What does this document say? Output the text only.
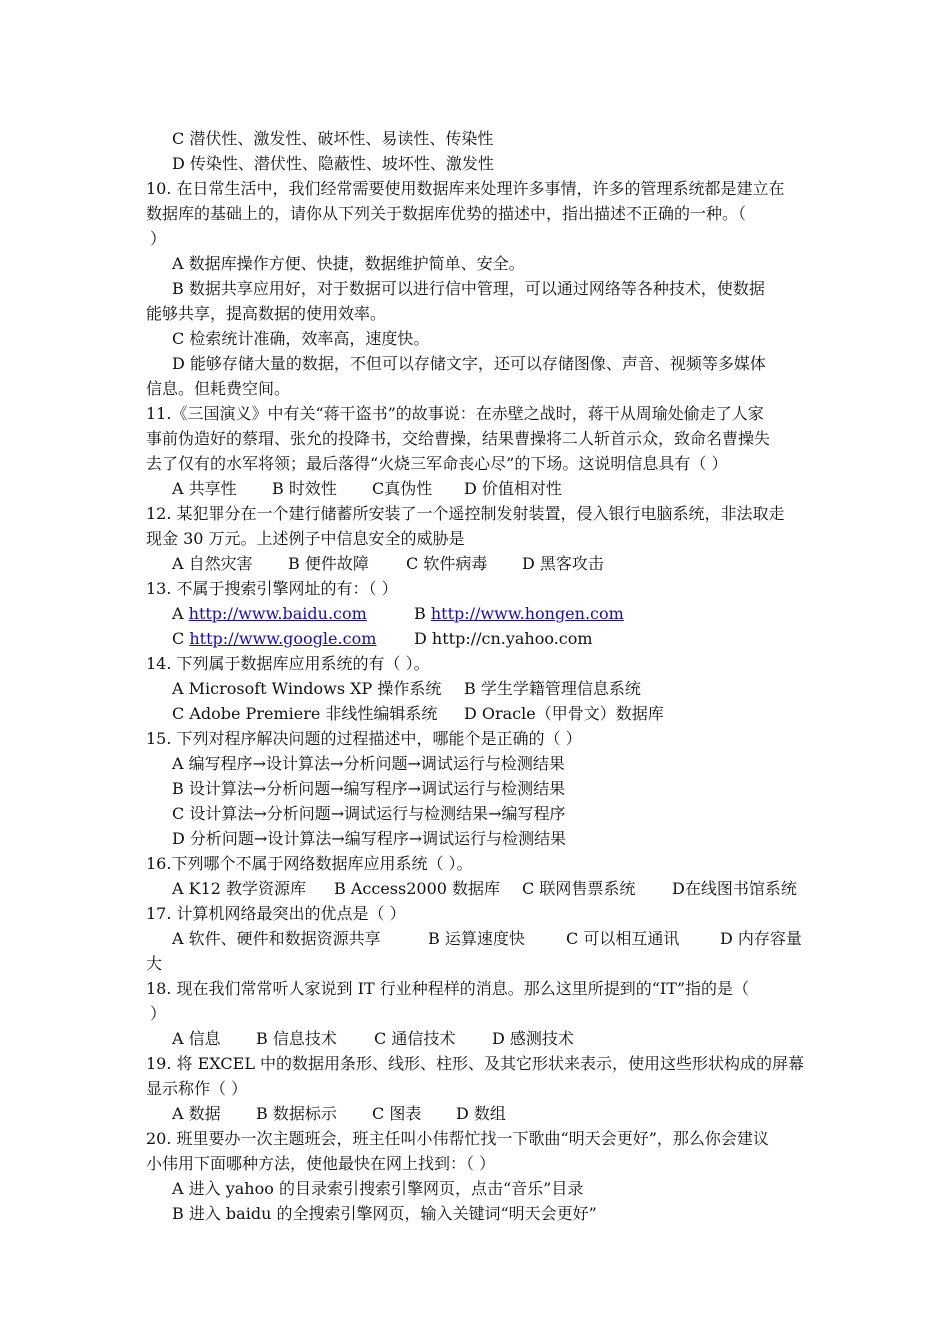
C 潜伏性、激发性、破坏性、易读性、传染性
D 传染性、潜伏性、隐蔽性、坡坏性、激发性
10. 在日常生活中，我们经常需要使用数据库来处理许多事情，许多的管理系统都是建立在
数据库的基础上的，请你从下列关于数据库优势的描述中，指出描述不正确的一种。（
）
A 数据库操作方便、快捷，数据维护简单、安全。
B 数据共享应用好，对于数据可以进行信中管理，可以通过网络等各种技术，使数据
能够共享，提高数据的使用效率。
C 检索统计准确，效率高，速度快。
D 能够存储大量的数据，不但可以存储文字，还可以存储图像、声音、视频等多媒体
信息。但耗费空间。
11.《三国演义》中有关“蒋干盗书”的故事说：在赤壁之战时，蒋干从周瑜处偷走了人家
事前伪造好的蔡瑁、张允的投降书，交给曹操，结果曹操将二人斩首示众，致命名曹操失
去了仅有的水军将领；最后落得“火烧三军命丧心尽”的下场。这说明信息具有（ ）
A 共享性 B 时效性 C真伪性 D 价值相对性
12. 某犯罪分在一个建行储蓄所安装了一个遥控制发射装置，侵入银行电脑系统，非法取走
现金 30 万元。上述例子中信息安全的威胁是
A 自然灾害 B 便件故障 C 软件病毒 D 黑客攻击
13. 不属于搜索引擎网址的有：（ ）
A http://www.baidu.com	B http://www.hongen.com
C http://www.google.com D http://cn.yahoo.com
14. 下列属于数据库应用系统的有（ ）。
A Microsoft Windows XP 操作系统 B 学生学籍管理信息系统
C Adobe Premiere 非线性编辑系统 D Oracle（甲骨文）数据库
15. 下列对程序解决问题的过程描述中，哪能个是正确的（ ）
A 编写程序→设计算法→分析问题→调试运行与检测结果
B 设计算法→分析问题→编写程序→调试运行与检测结果
C 设计算法→分析问题→调试运行与检测结果→编写程序
D 分析问题→设计算法→编写程序→调试运行与检测结果
16.下列哪个不属于网络数据库应用系统（ ）。
A K12 教学资源库 B Access2000 数据库 C 联网售票系统 D在线图书馆系统
17. 计算机网络最突出的优点是（ ）
A 软件、硬件和数据资源共享	B 运算速度快	C 可以相互通讯	D 内存容量
大
18. 现在我们常常听人家说到 IT 行业种程样的消息。那么这里所提到的“IT”指的是（
）
A 信息 B 信息技术 C 通信技术 D 感测技术
19. 将 EXCEL 中的数据用条形、线形、柱形、及其它形状来表示，使用这些形状构成的屏幕
显示称作（ ）
A 数据 B 数据标示 C 图表 D 数组
20. 班里要办一次主题班会，班主任叫小伟帮忙找一下歌曲“明天会更好”，那么你会建议
小伟用下面哪种方法，使他最快在网上找到：（ ）
A 进入 yahoo 的目录索引搜索引擎网页，点击“音乐”目录
B 进入 baidu 的全搜索引擎网页，输入关键词“明天会更好”
